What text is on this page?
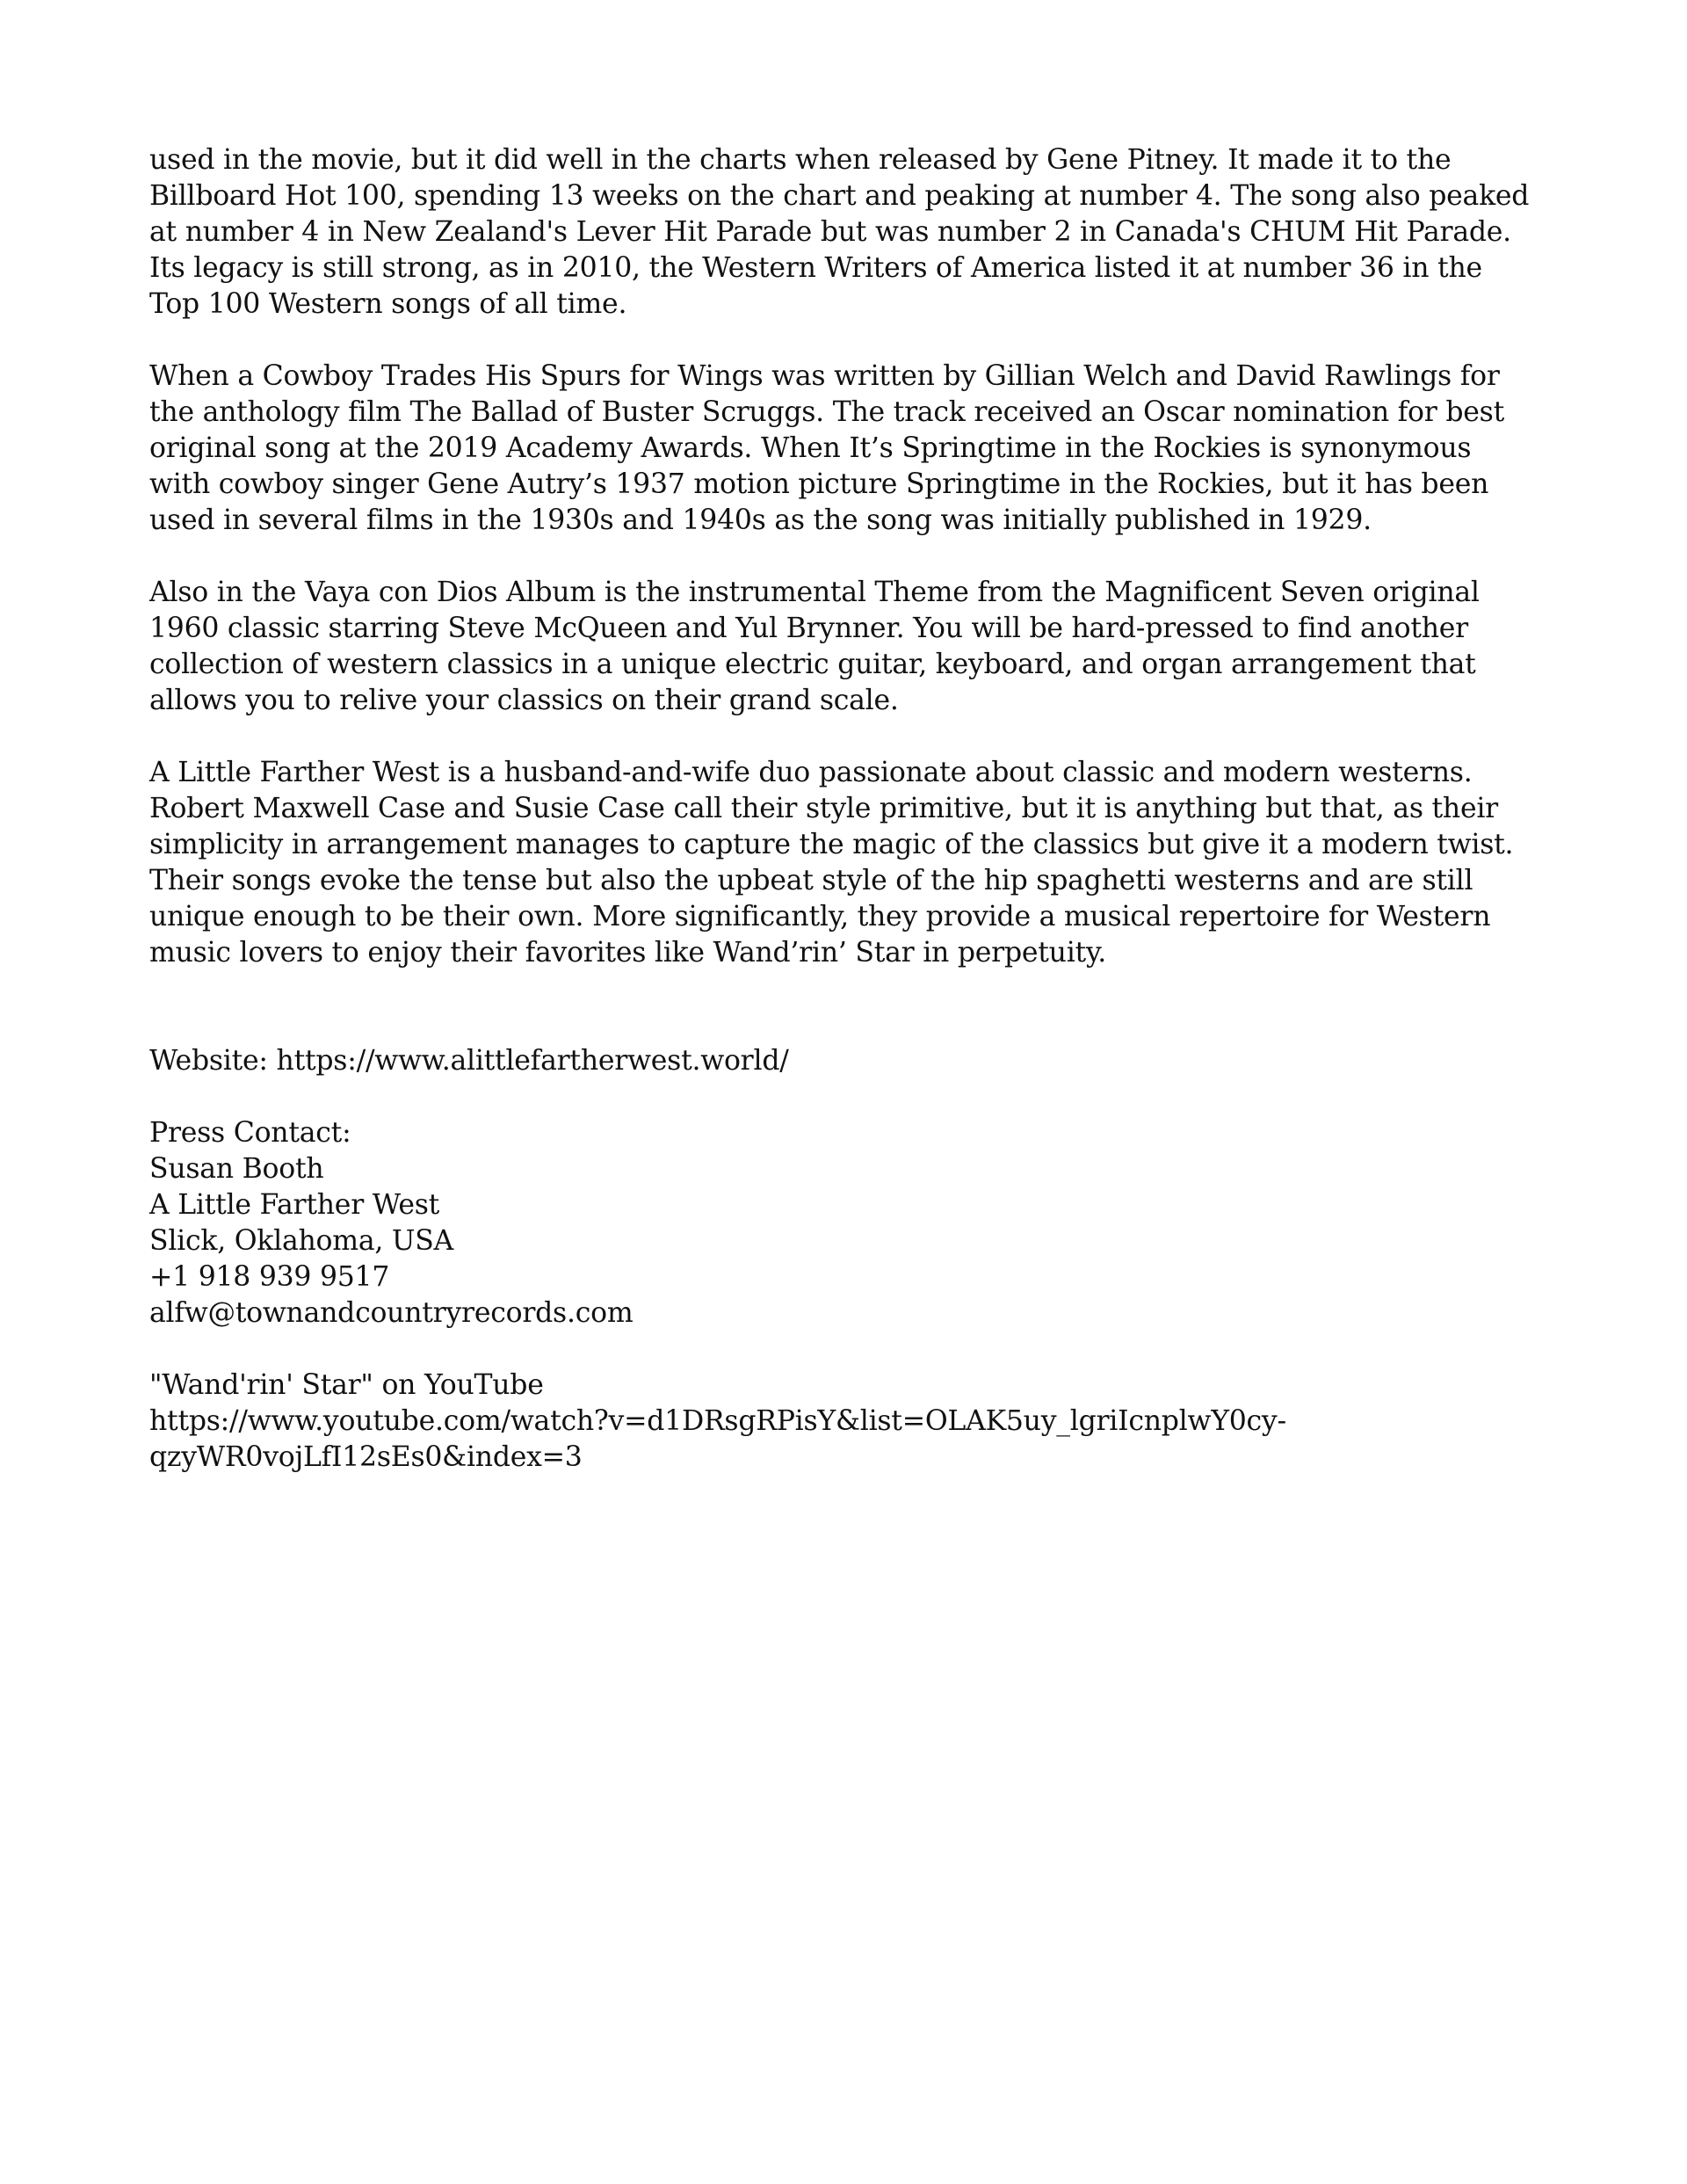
used in the movie, but it did well in the charts when released by Gene Pitney. It made it to the
Billboard Hot 100, spending 13 weeks on the chart and peaking at number 4. The song also peaked
at number 4 in New Zealand's Lever Hit Parade but was number 2 in Canada's CHUM Hit Parade.
Its legacy is still strong, as in 2010, the Western Writers of America listed it at number 36 in the
Top 100 Western songs of all time.

When a Cowboy Trades His Spurs for Wings was written by Gillian Welch and David Rawlings for
the anthology film The Ballad of Buster Scruggs. The track received an Oscar nomination for best
original song at the 2019 Academy Awards. When It’s Springtime in the Rockies is synonymous
with cowboy singer Gene Autry’s 1937 motion picture Springtime in the Rockies, but it has been
used in several films in the 1930s and 1940s as the song was initially published in 1929.

Also in the Vaya con Dios Album is the instrumental Theme from the Magnificent Seven original
1960 classic starring Steve McQueen and Yul Brynner. You will be hard-pressed to find another
collection of western classics in a unique electric guitar, keyboard, and organ arrangement that
allows you to relive your classics on their grand scale.

A Little Farther West is a husband-and-wife duo passionate about classic and modern westerns.
Robert Maxwell Case and Susie Case call their style primitive, but it is anything but that, as their
simplicity in arrangement manages to capture the magic of the classics but give it a modern twist.
Their songs evoke the tense but also the upbeat style of the hip spaghetti westerns and are still
unique enough to be their own. More significantly, they provide a musical repertoire for Western
music lovers to enjoy their favorites like Wand’rin’ Star in perpetuity.

Website: https://www.alittlefartherwest.world/

Press Contact:
Susan Booth
A Little Farther West
Slick, Oklahoma, USA
+1 918 939 9517
alfw@townandcountryrecords.com

"Wand'rin' Star" on YouTube
https://www.youtube.com/watch?v=d1DRsgRPisY&list=OLAK5uy_lgriIcnplwY0cy-
qzyWR0vojLfI12sEs0&index=3
